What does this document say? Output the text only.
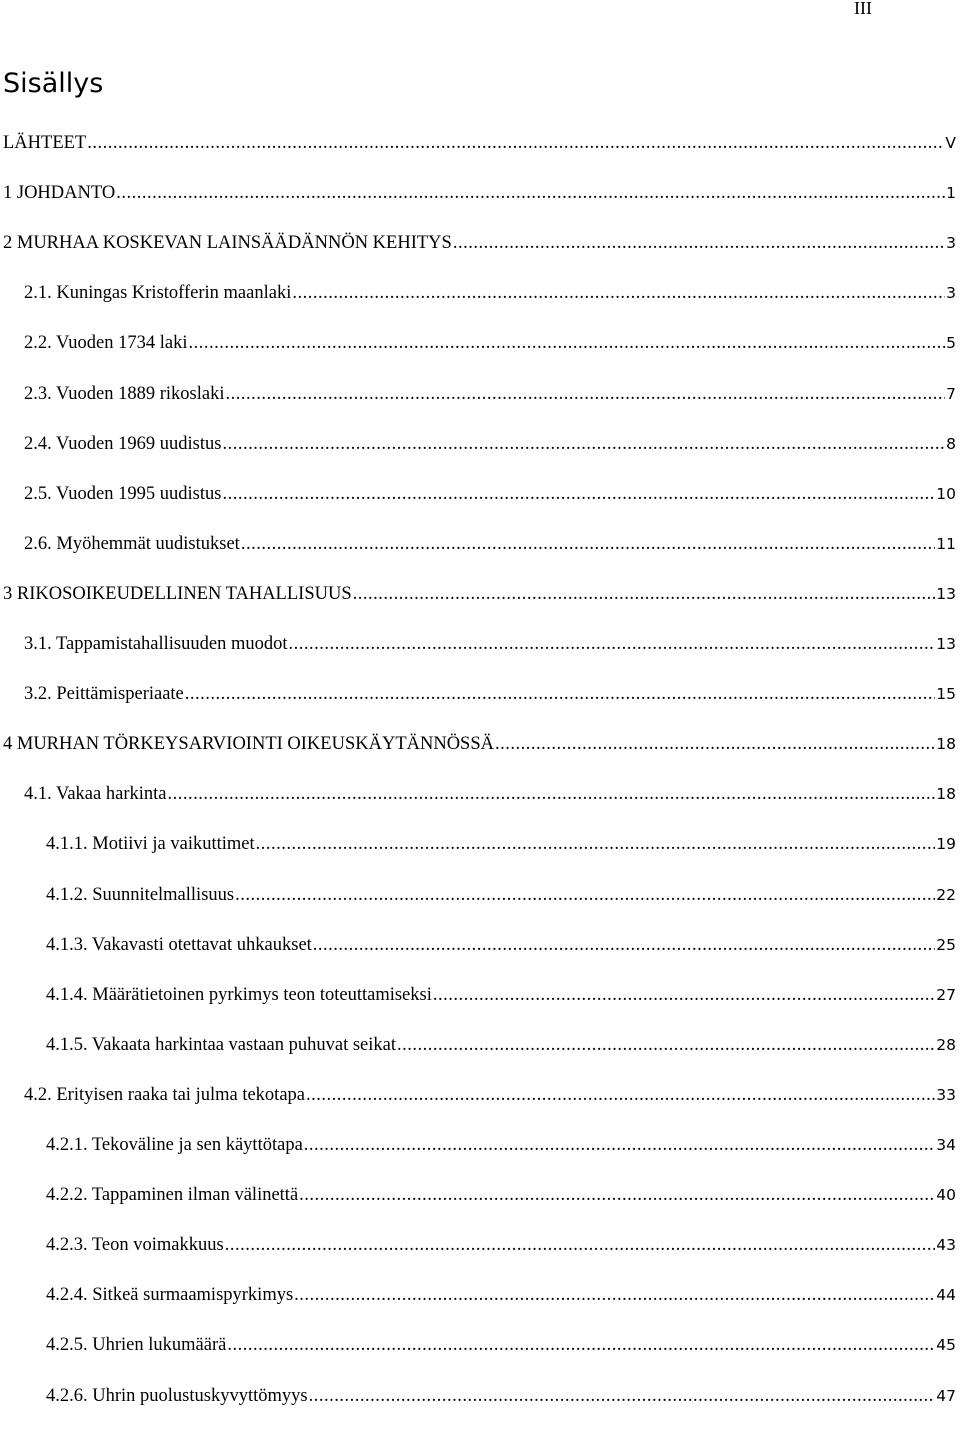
III
Sisällys
LÄHTEET .....	V
1 JOHDANTO .....	1
2 MURHAA KOSKEVAN LAINSÄÄDÄNNÖN KEHITYS .....	3
2.1. Kuningas Kristofferin maanlaki .....	3
2.2. Vuoden 1734 laki .....	5
2.3. Vuoden 1889 rikoslaki .....	7
2.4. Vuoden 1969 uudistus .....	8
2.5. Vuoden 1995 uudistus .....	10
2.6. Myöhemmät uudistukset .....	11
3 RIKOSOIKEUDELLINEN TAHALLISUUS .....	13
3.1. Tappamistahallisuuden muodot .....	13
3.2. Peittämisperiaate .....	15
4 MURHAN TÖRKEYSARVIOINTI OIKEUSKÄYTÄNNÖSSÄ .....	18
4.1. Vakaa harkinta .....	18
4.1.1. Motiivi ja vaikuttimet .....	19
4.1.2. Suunnitelmallisuus .....	22
4.1.3. Vakavasti otettavat uhkaukset .....	25
4.1.4. Määrätietoinen pyrkimys teon toteuttamiseksi .....	27
4.1.5. Vakaata harkintaa vastaan puhuvat seikat .....	28
4.2. Erityisen raaka tai julma tekotapa .....	33
4.2.1. Tekoväline ja sen käyttötapa .....	34
4.2.2. Tappaminen ilman välinettä .....	40
4.2.3. Teon voimakkuus .....	43
4.2.4. Sitkeä surmaamispyrkimys .....	44
4.2.5. Uhrien lukumäärä .....	45
4.2.6. Uhrin puolustuskyvyttömyys .....	47
